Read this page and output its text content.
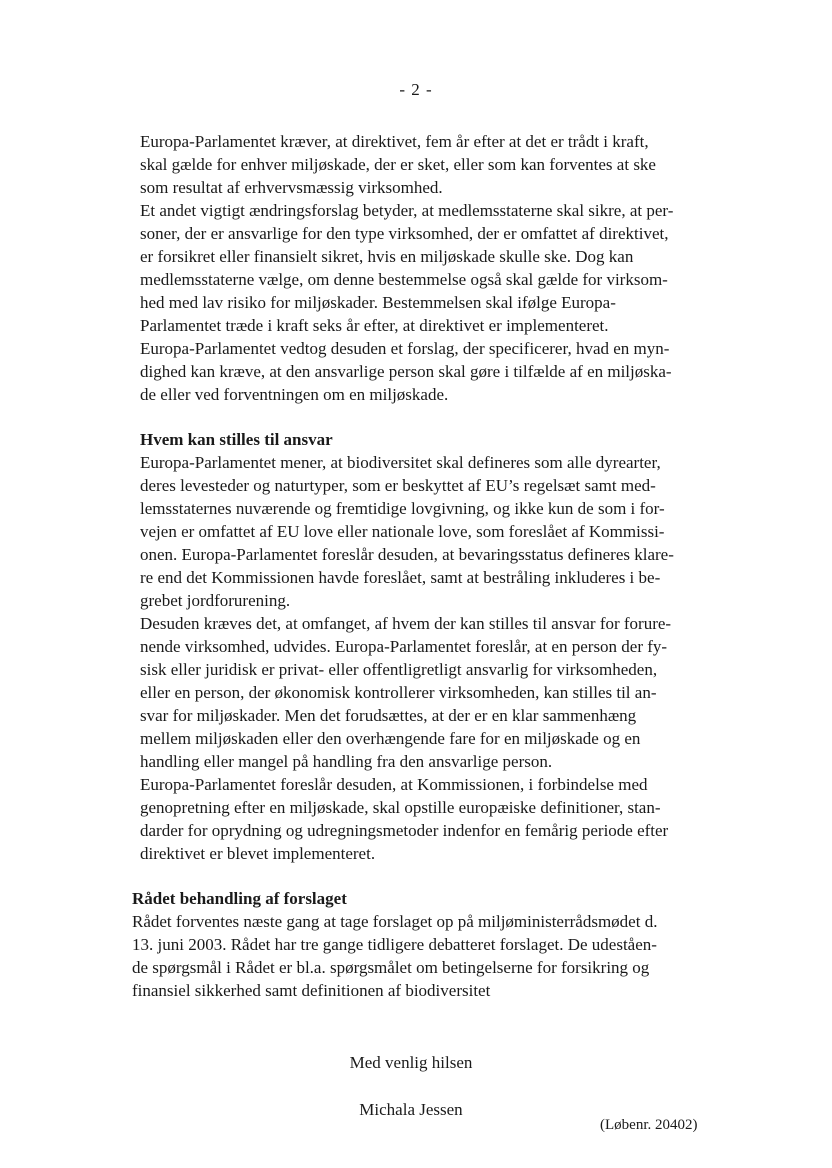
- 2 -
Europa-Parlamentet kræver, at direktivet, fem år efter at det er trådt i kraft,
skal gælde for enhver miljøskade, der er sket, eller som kan forventes at ske
som resultat af erhvervsmæssig virksomhed.
Et andet vigtigt ændringsforslag betyder, at medlemsstaterne skal sikre, at per-
soner, der er ansvarlige for den type virksomhed, der er omfattet af direktivet,
er forsikret eller finansielt sikret, hvis en miljøskade skulle ske. Dog kan
medlemsstaterne vælge, om denne bestemmelse også skal gælde for virksom-
hed med lav risiko for miljøskader. Bestemmelsen skal ifølge Europa-
Parlamentet træde i kraft seks år efter, at direktivet er implementeret.
Europa-Parlamentet vedtog desuden et forslag, der specificerer, hvad en myn-
dighed kan kræve, at den ansvarlige person skal gøre i tilfælde af en miljøska-
de eller ved forventningen om en miljøskade.
Hvem kan stilles til ansvar
Europa-Parlamentet mener, at biodiversitet skal defineres som alle dyrearter,
deres levesteder og naturtyper, som er beskyttet af EU’s regelsæt samt med-
lemsstaternes nuværende og fremtidige lovgivning, og ikke kun de som i for-
vejen er omfattet af EU love eller nationale love, som foreslået af Kommissi-
onen. Europa-Parlamentet foreslår desuden, at bevaringsstatus defineres klare-
re end det Kommissionen havde foreslået, samt at bestråling inkluderes i be-
grebet jordforurening.
Desuden kræves det, at omfanget, af hvem der kan stilles til ansvar for forure-
nende virksomhed, udvides. Europa-Parlamentet foreslår, at en person der fy-
sisk eller juridisk er privat- eller offentligretligt ansvarlig for virksomheden,
eller en person, der økonomisk kontrollerer virksomheden, kan stilles til an-
svar for miljøskader. Men det forudsættes, at der er en klar sammenhæng
mellem miljøskaden eller den overhængende fare for en miljøskade og en
handling eller mangel på handling fra den ansvarlige person.
Europa-Parlamentet foreslår desuden, at Kommissionen, i forbindelse med
genopretning efter en miljøskade, skal opstille europæiske definitioner, stan-
darder for oprydning og udregningsmetoder indenfor en femårig periode efter
direktivet er blevet implementeret.
Rådet behandling af forslaget
Rådet forventes næste gang at tage forslaget op på miljøministerrådsmødet d.
13. juni 2003. Rådet har tre gange tidligere debatteret forslaget. De udeståen-
de spørgsmål i Rådet er bl.a. spørgsmålet om betingelserne for forsikring og
finansiel sikkerhed samt definitionen af biodiversitet
Med venlig hilsen
Michala Jessen
(Løbenr. 20402)
